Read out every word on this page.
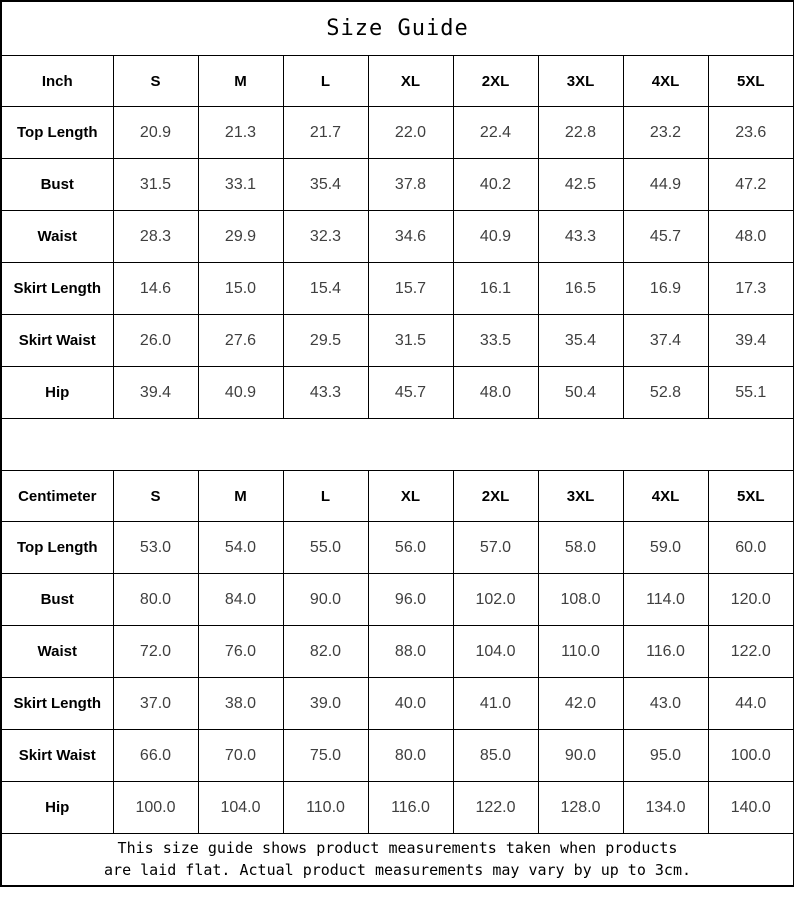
Size Guide								
Inch	S	M	L	XL	2XL	3XL	4XL	5XL
Top Length	20.9	21.3	21.7	22.0	22.4	22.8	23.2	23.6
Bust	31.5	33.1	35.4	37.8	40.2	42.5	44.9	47.2
Waist	28.3	29.9	32.3	34.6	40.9	43.3	45.7	48.0
Skirt Length	14.6	15.0	15.4	15.7	16.1	16.5	16.9	17.3
Skirt Waist	26.0	27.6	29.5	31.5	33.5	35.4	37.4	39.4
Hip	39.4	40.9	43.3	45.7	48.0	50.4	52.8	55.1

Centimeter	S	M	L	XL	2XL	3XL	4XL	5XL
Top Length	53.0	54.0	55.0	56.0	57.0	58.0	59.0	60.0
Bust	80.0	84.0	90.0	96.0	102.0	108.0	114.0	120.0
Waist	72.0	76.0	82.0	88.0	104.0	110.0	116.0	122.0
Skirt Length	37.0	38.0	39.0	40.0	41.0	42.0	43.0	44.0
Skirt Waist	66.0	70.0	75.0	80.0	85.0	90.0	95.0	100.0
Hip	100.0	104.0	110.0	116.0	122.0	128.0	134.0	140.0

This size guide shows product measurements taken when products
are laid flat. Actual product measurements may vary by up to 3cm.								
